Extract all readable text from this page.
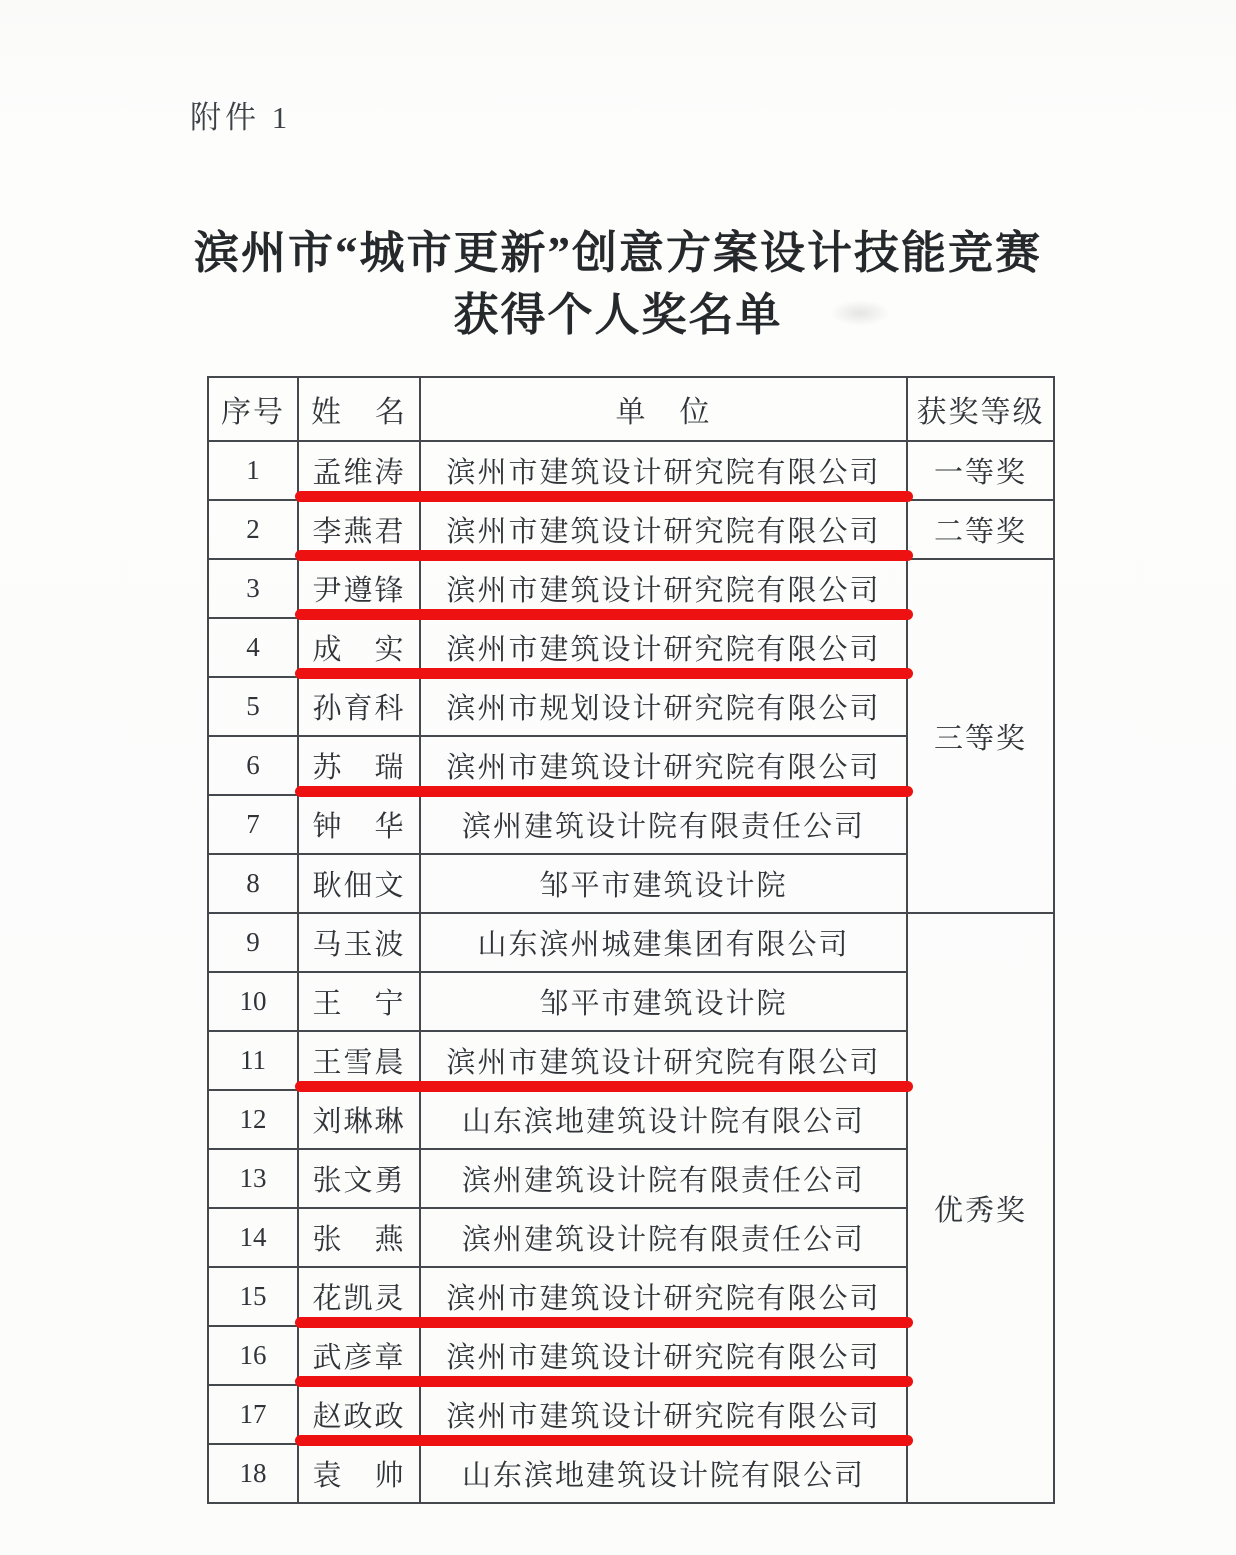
附件 1
滨州市“城市更新”创意方案设计技能竞赛
获得个人奖名单
序号	姓　名	单　位	获奖等级
1	孟维涛	滨州市建筑设计研究院有限公司	一等奖
2	李燕君	滨州市建筑设计研究院有限公司	二等奖
3	尹遵锋	滨州市建筑设计研究院有限公司	三等奖
4	成　实	滨州市建筑设计研究院有限公司	
5	孙育科	滨州市规划设计研究院有限公司	
6	苏　瑞	滨州市建筑设计研究院有限公司	
7	钟　华	滨州建筑设计院有限责任公司	
8	耿佃文	邹平市建筑设计院	
9	马玉波	山东滨州城建集团有限公司	优秀奖
10	王　宁	邹平市建筑设计院	
11	王雪晨	滨州市建筑设计研究院有限公司	
12	刘琳琳	山东滨地建筑设计院有限公司	
13	张文勇	滨州建筑设计院有限责任公司	
14	张　燕	滨州建筑设计院有限责任公司	
15	花凯灵	滨州市建筑设计研究院有限公司	
16	武彦章	滨州市建筑设计研究院有限公司	
17	赵政政	滨州市建筑设计研究院有限公司	
18	袁　帅	山东滨地建筑设计院有限公司	
